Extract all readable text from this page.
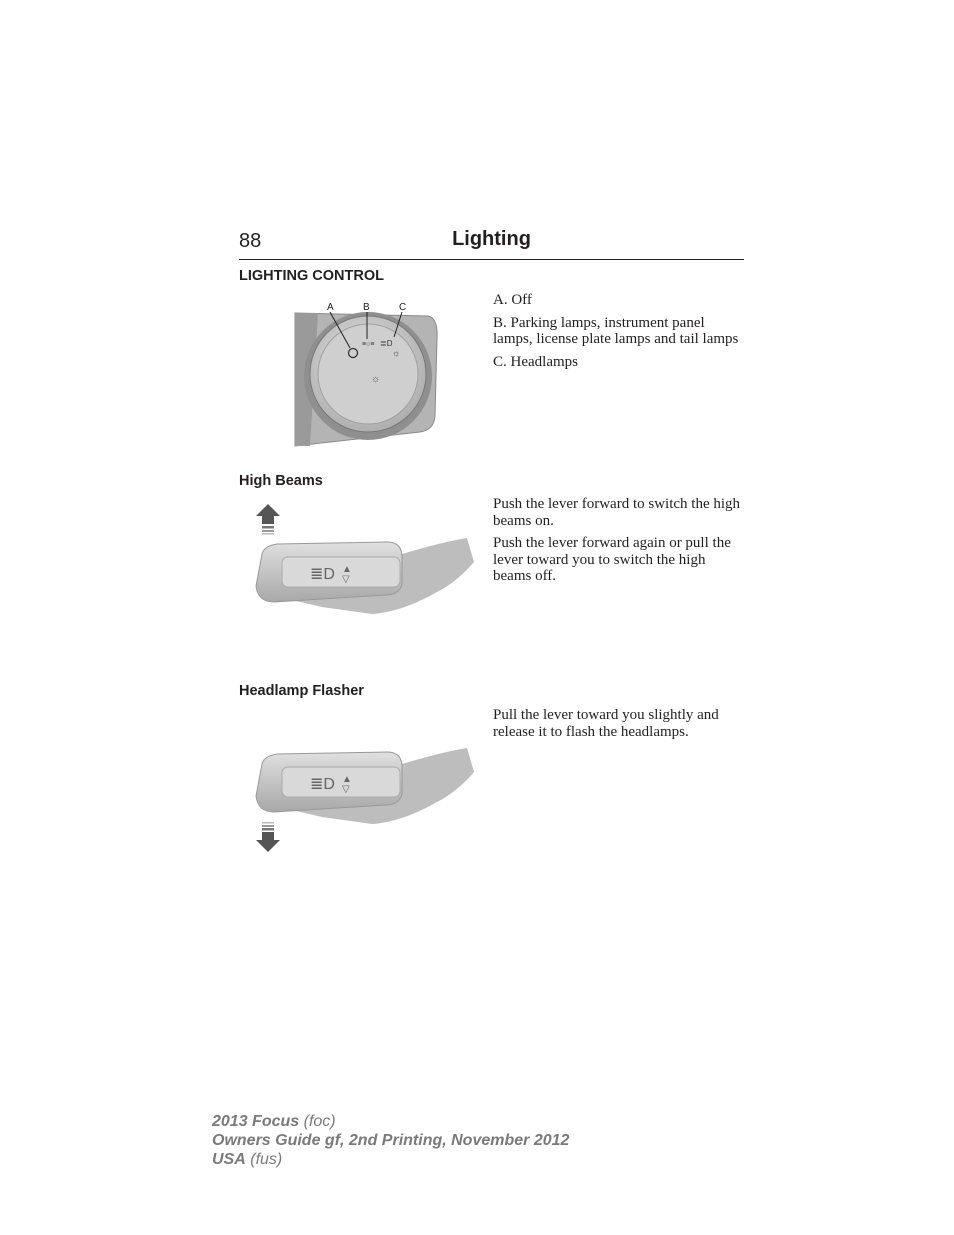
88	Lighting
LIGHTING CONTROL
≡○≡ ≣D
☼
☼
A	B	C	A. Off

B. Parking lamps, instrument panel lamps, license plate lamps and tail lamps

C. Headlamps

High Beams
≣D ▲
▽

Push the lever forward to switch the high beams on.

Push the lever forward again or pull the lever toward you to switch the high beams off.

Headlamp Flasher
≣D ▲
▽

Pull the lever toward you slightly and release it to flash the headlamps.

2013 Focus (foc)
Owners Guide gf, 2nd Printing, November 2012
USA (fus)
